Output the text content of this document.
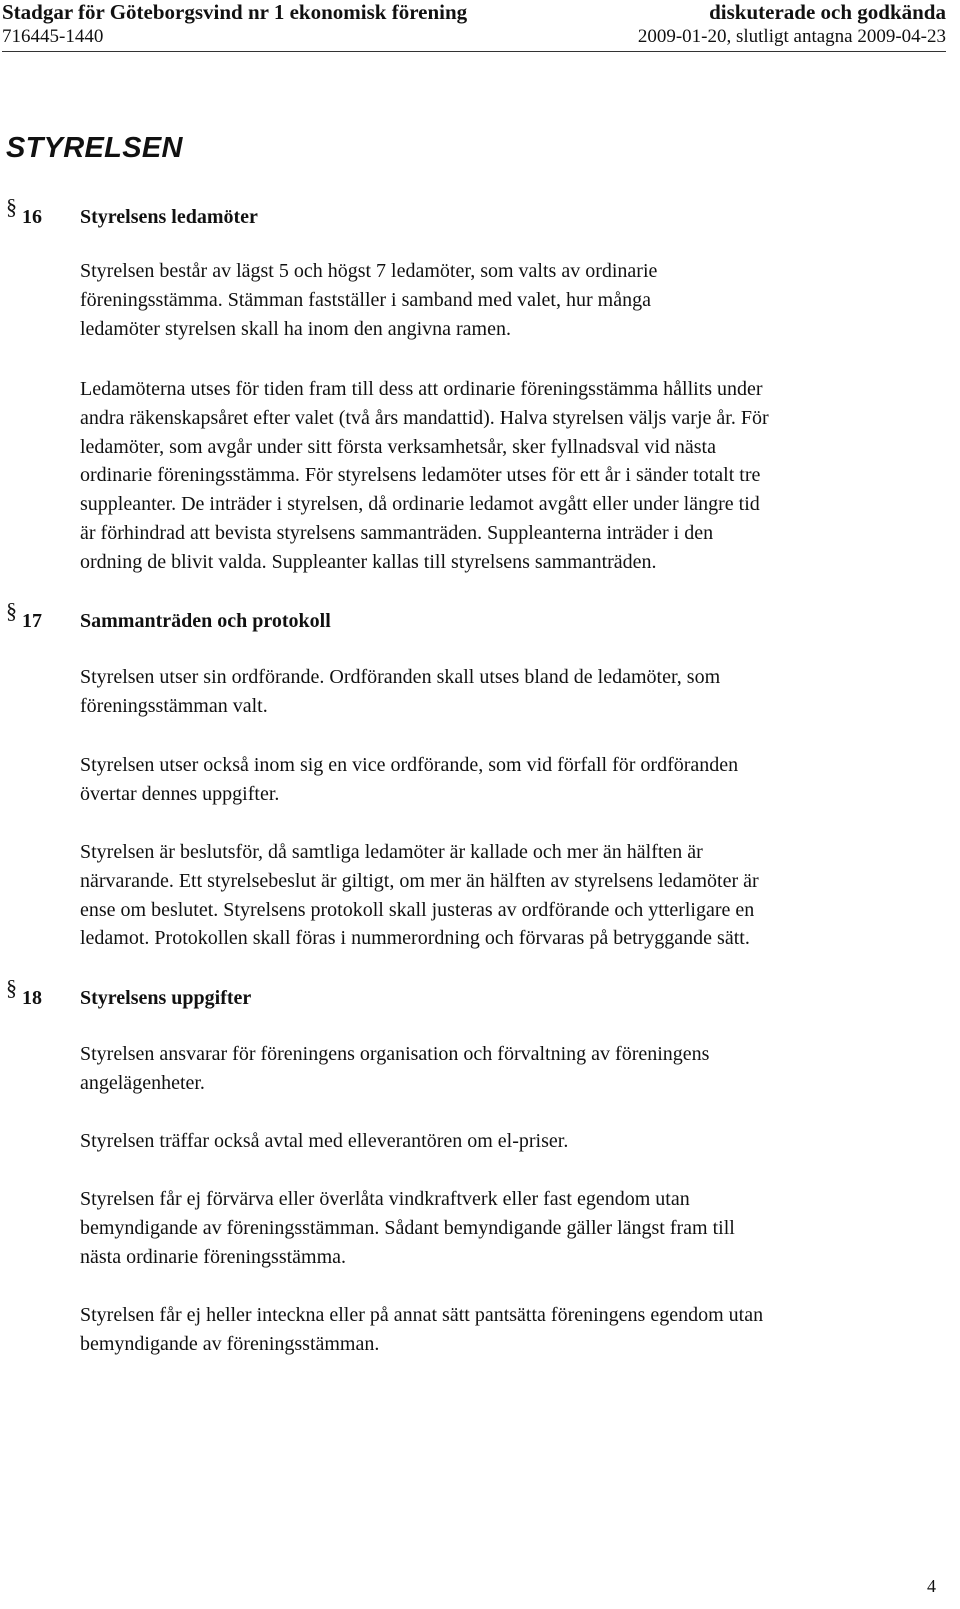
Stadgar för Göteborgsvind nr 1 ekonomisk förening	diskuterade och godkända
716445-1440	2009-01-20, slutligt antagna 2009-04-23
STYRELSEN
§ 16 Styrelsens ledamöter

Styrelsen består av lägst 5 och högst 7 ledamöter, som valts av ordinarie
föreningsstämma. Stämman fastställer i samband med valet, hur många
ledamöter styrelsen skall ha inom den angivna ramen.

Ledamöterna utses för tiden fram till dess att ordinarie föreningsstämma hållits under
andra räkenskapsåret efter valet (två års mandattid). Halva styrelsen väljs varje år. För
ledamöter, som avgår under sitt första verksamhetsår, sker fyllnadsval vid nästa
ordinarie föreningsstämma. För styrelsens ledamöter utses för ett år i sänder totalt tre
suppleanter. De inträder i styrelsen, då ordinarie ledamot avgått eller under längre tid
är förhindrad att bevista styrelsens sammanträden. Suppleanterna inträder i den
ordning de blivit valda. Suppleanter kallas till styrelsens sammanträden.

§ 17 Sammanträden och protokoll

Styrelsen utser sin ordförande. Ordföranden skall utses bland de ledamöter, som
föreningsstämman valt.

Styrelsen utser också inom sig en vice ordförande, som vid förfall för ordföranden
övertar dennes uppgifter.

Styrelsen är beslutsför, då samtliga ledamöter är kallade och mer än hälften är
närvarande. Ett styrelsebeslut är giltigt, om mer än hälften av styrelsens ledamöter är
ense om beslutet. Styrelsens protokoll skall justeras av ordförande och ytterligare en
ledamot. Protokollen skall föras i nummerordning och förvaras på betryggande sätt.

§ 18 Styrelsens uppgifter

Styrelsen ansvarar för föreningens organisation och förvaltning av föreningens
angelägenheter.

Styrelsen träffar också avtal med elleverantören om el-priser.

Styrelsen får ej förvärva eller överlåta vindkraftverk eller fast egendom utan
bemyndigande av föreningsstämman. Sådant bemyndigande gäller längst fram till
nästa ordinarie föreningsstämma.

Styrelsen får ej heller inteckna eller på annat sätt pantsätta föreningens egendom utan
bemyndigande av föreningsstämman.

4
